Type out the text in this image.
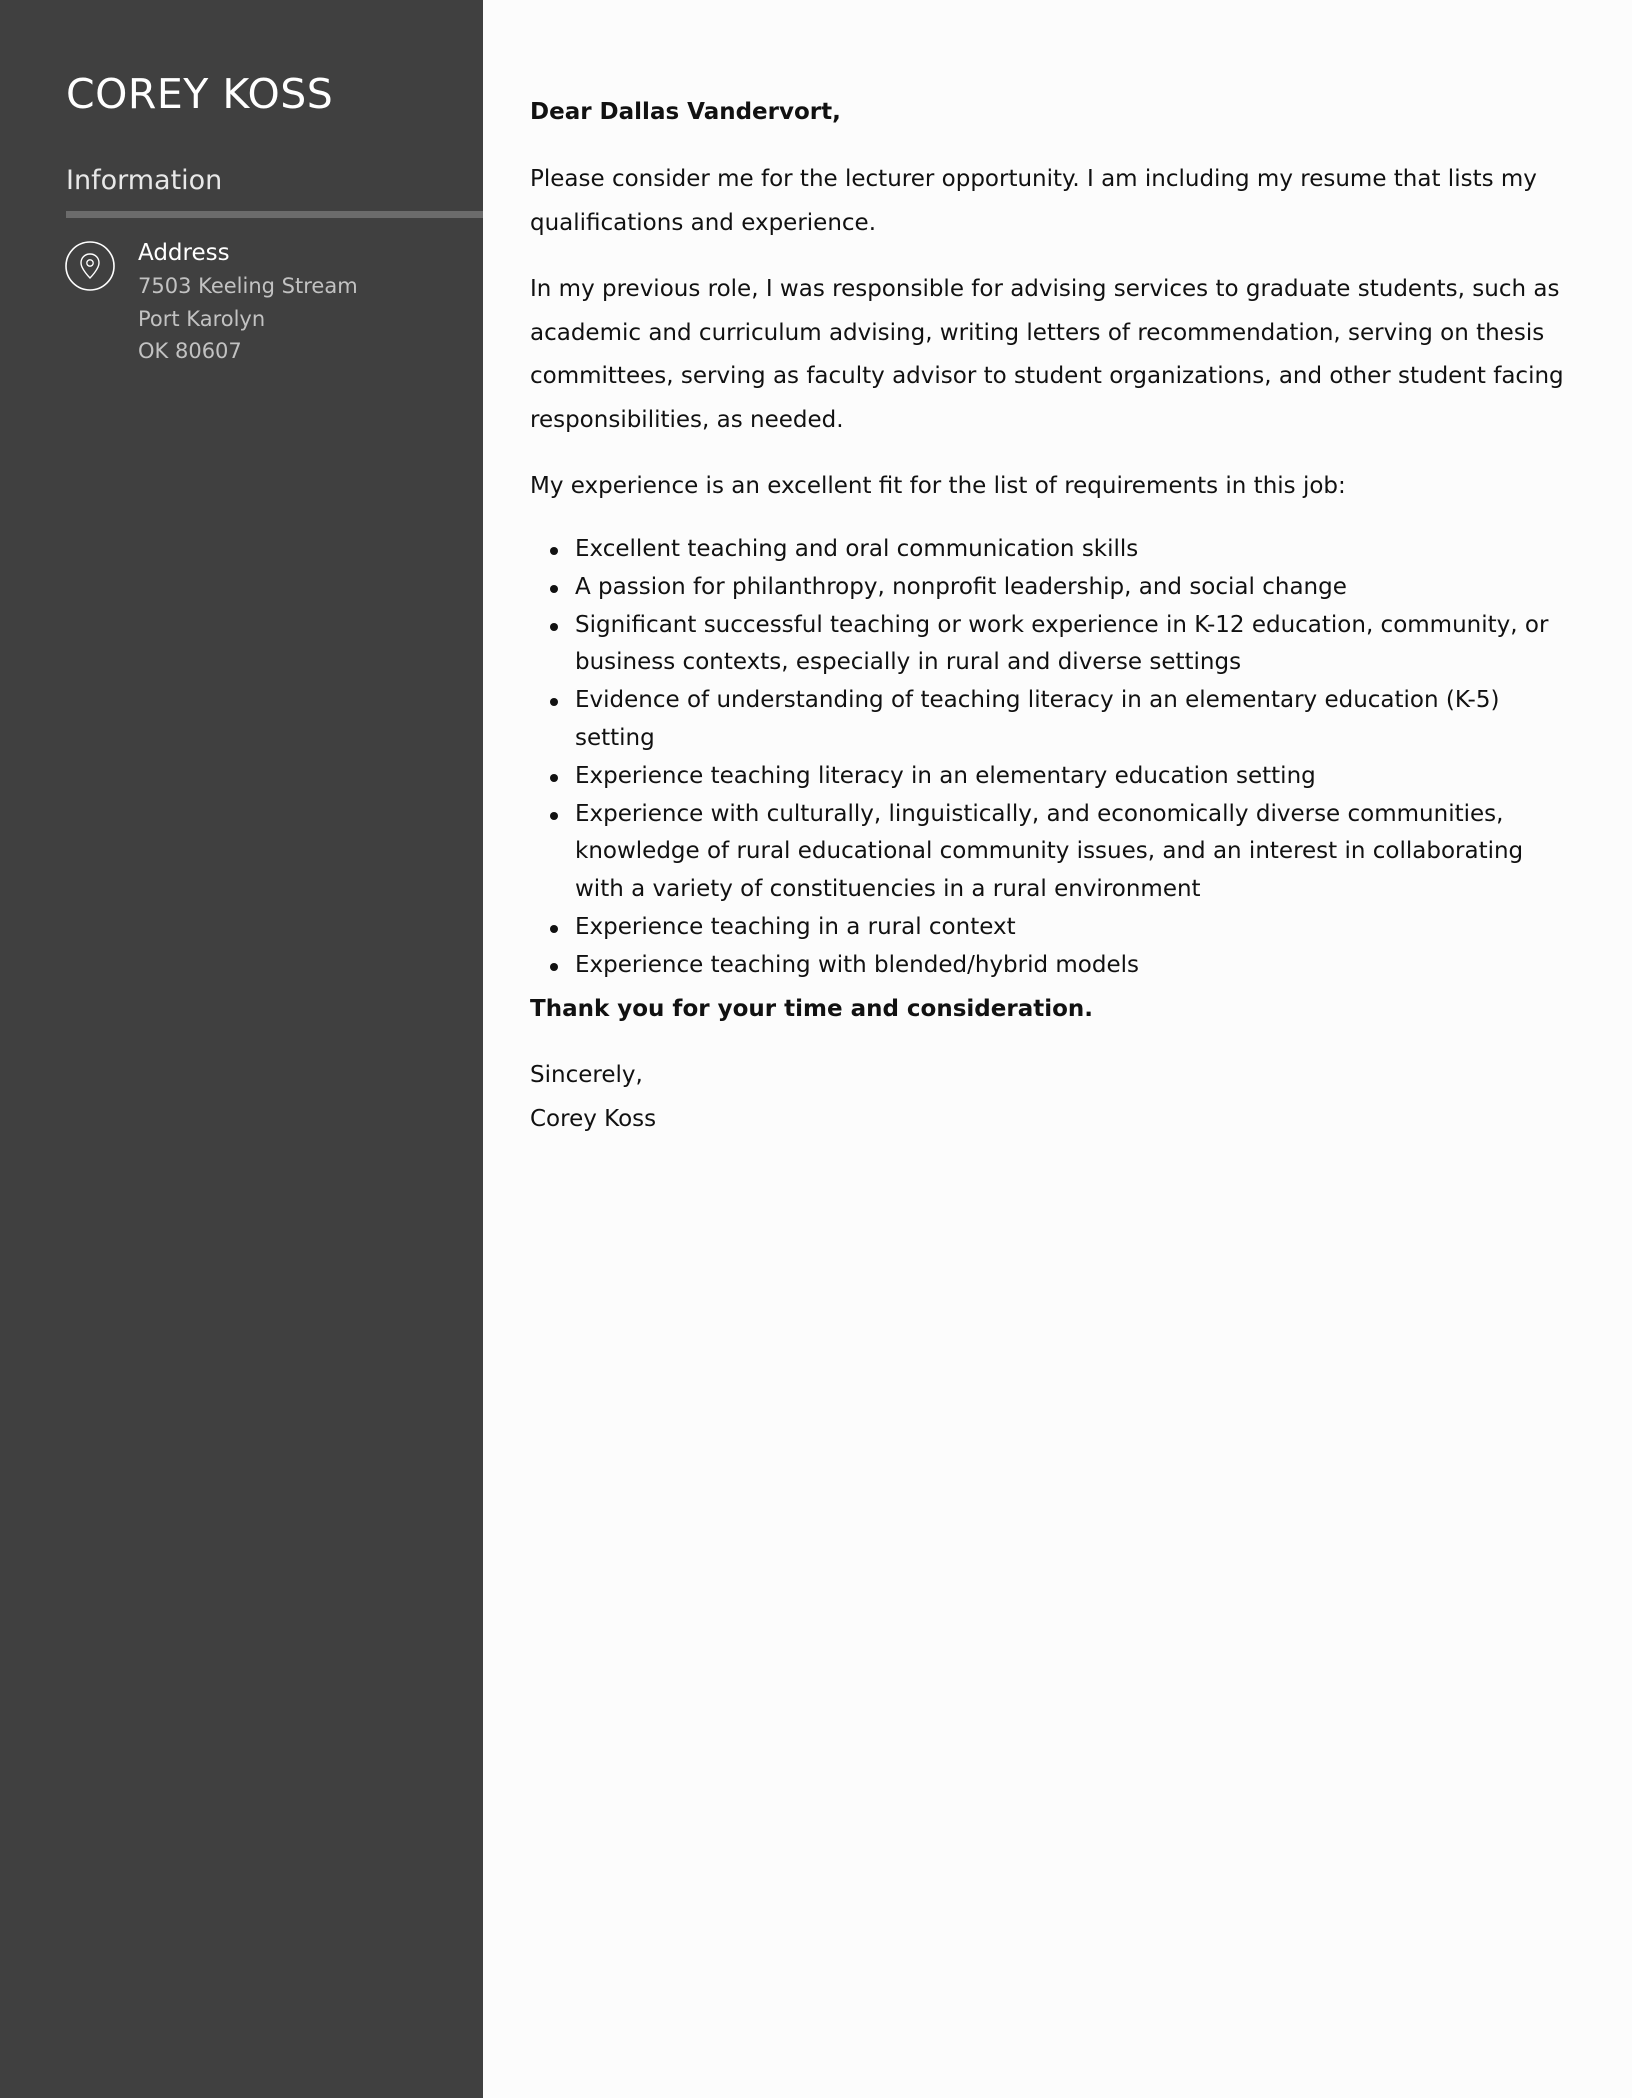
COREY KOSS
Information
Address
7503 Keeling Stream
Port Karolyn
OK 80607

Dear Dallas Vandervort,

Please consider me for the lecturer opportunity. I am including my resume that lists my qualifications and experience.

In my previous role, I was responsible for advising services to graduate students, such as academic and curriculum advising, writing letters of recommendation, serving on thesis committees, serving as faculty advisor to student organizations, and other student facing responsibilities, as needed.

My experience is an excellent fit for the list of requirements in this job:

Excellent teaching and oral communication skills
A passion for philanthropy, nonprofit leadership, and social change
Significant successful teaching or work experience in K-12 education, community, or business contexts, especially in rural and diverse settings
Evidence of understanding of teaching literacy in an elementary education (K-5) setting
Experience teaching literacy in an elementary education setting
Experience with culturally, linguistically, and economically diverse communities, knowledge of rural educational community issues, and an interest in collaborating with a variety of constituencies in a rural environment
Experience teaching in a rural context
Experience teaching with blended/hybrid models

Thank you for your time and consideration.

Sincerely,

Corey Koss
